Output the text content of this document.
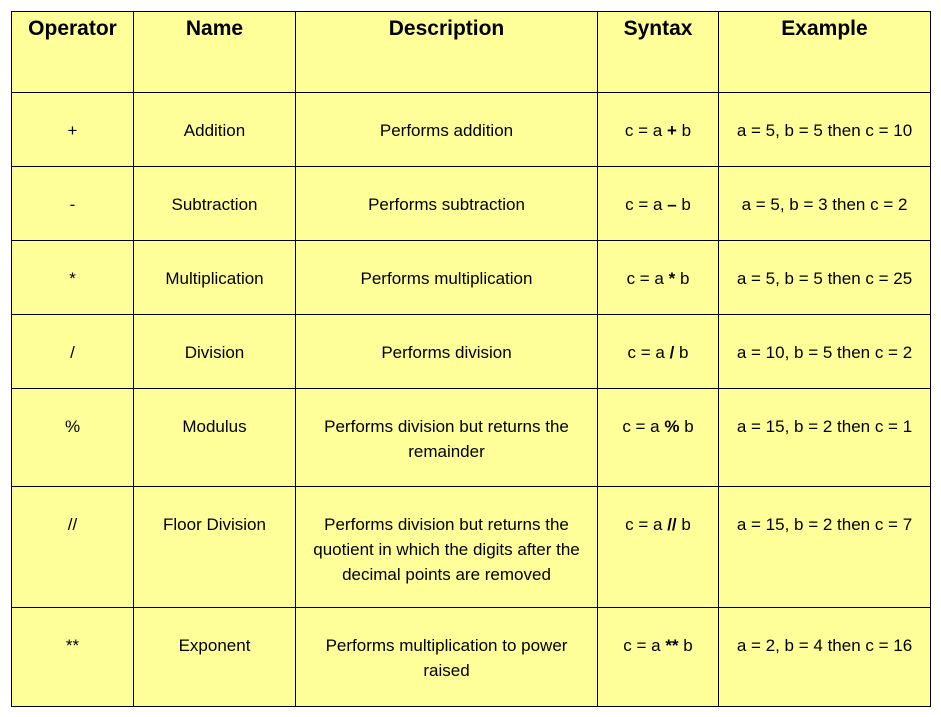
Operator	Name	Description	Syntax	Example
+	Addition	Performs addition	c = a + b	a = 5, b = 5 then c = 10
-	Subtraction	Performs subtraction	c = a – b	a = 5, b = 3 then c = 2
*	Multiplication	Performs multiplication	c = a * b	a = 5, b = 5 then c = 25
/	Division	Performs division	c = a / b	a = 10, b = 5 then c = 2
%	Modulus	Performs division but returns the remainder	c = a % b	a = 15, b = 2 then c = 1
//	Floor Division	Performs division but returns the quotient in which the digits after the decimal points are removed	c = a // b	a = 15, b = 2 then c = 7
**	Exponent	Performs multiplication to power raised	c = a ** b	a = 2, b = 4 then c = 16
